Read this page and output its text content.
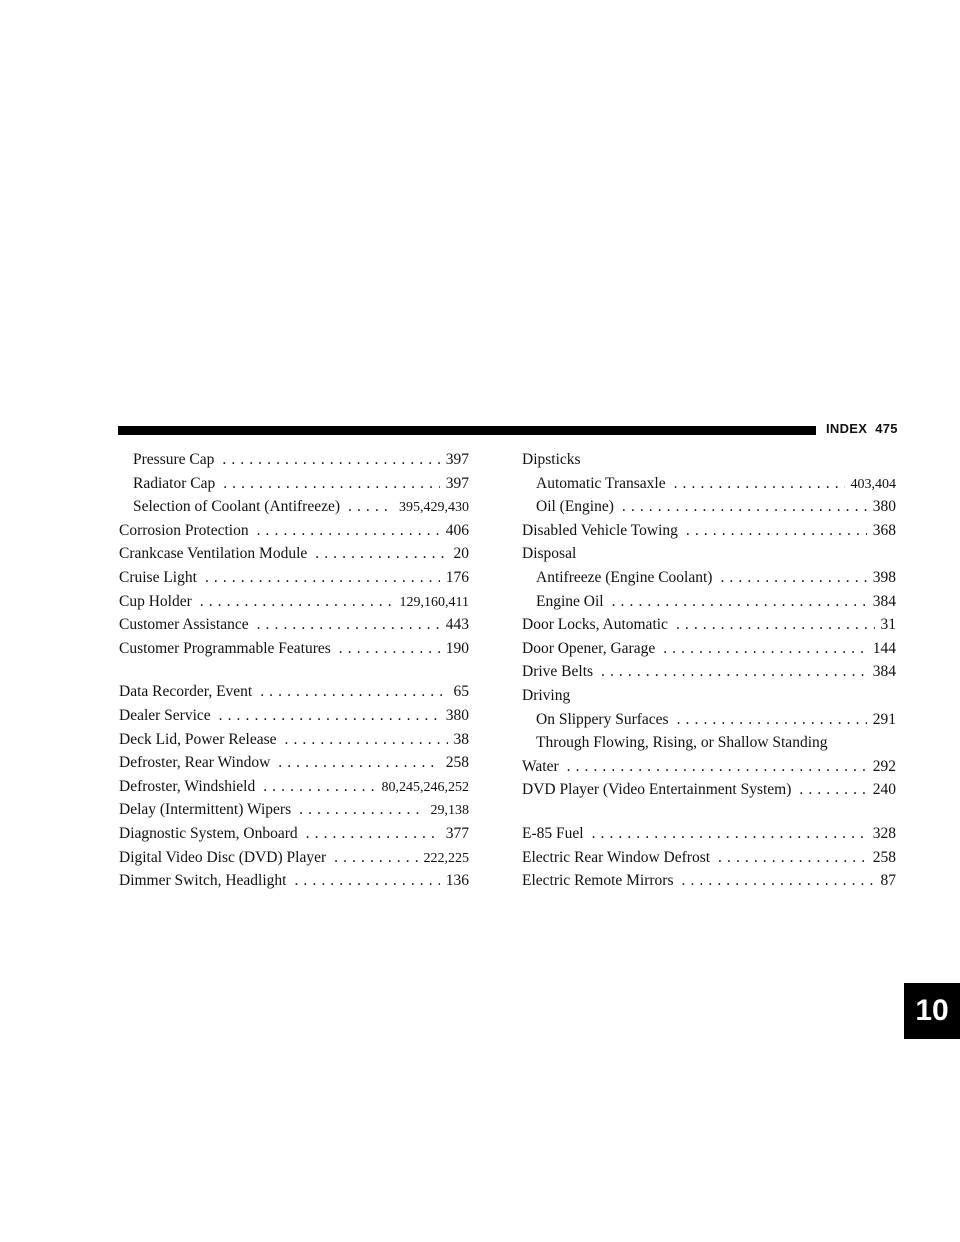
INDEX 475
Pressure Cap . . .	397
Radiator Cap . . .	397
Selection of Coolant (Antifreeze) . . .	395,429,430
Corrosion Protection . . .	406
Crankcase Ventilation Module . . .	20
Cruise Light . . .	176
Cup Holder . . .	129,160,411
Customer Assistance . . .	443
Customer Programmable Features . . .	190
Data Recorder, Event . . .	65
Dealer Service . . .	380
Deck Lid, Power Release . . .	38
Defroster, Rear Window . . .	258
Defroster, Windshield . . .	80,245,246,252
Delay (Intermittent) Wipers . . .	29,138
Diagnostic System, Onboard . . .	377
Digital Video Disc (DVD) Player . . .	222,225
Dimmer Switch, Headlight . . .	136
Dipsticks
Automatic Transaxle . . .	403,404
Oil (Engine) . . .	380
Disabled Vehicle Towing . . .	368
Disposal
Antifreeze (Engine Coolant) . . .	398
Engine Oil . . .	384
Door Locks, Automatic . . .	31
Door Opener, Garage . . .	144
Drive Belts . . .	384
Driving
On Slippery Surfaces . . .	291
Through Flowing, Rising, or Shallow Standing
Water . . .	292
DVD Player (Video Entertainment System) . . .	240
E-85 Fuel . . .	328
Electric Rear Window Defrost . . .	258
Electric Remote Mirrors . . .	87
10
